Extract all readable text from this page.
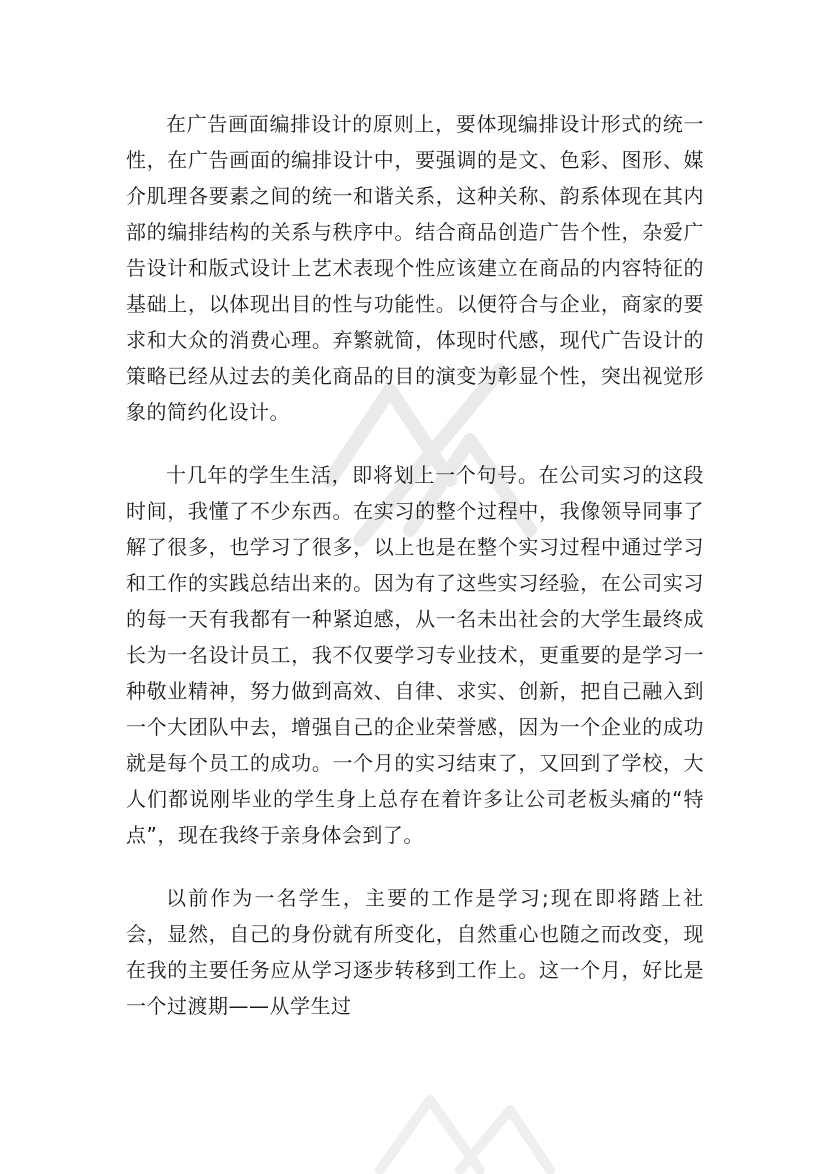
在广告画面编排设计的原则上，要体现编排设计形式的统一性，在广告画面的编排设计中，要强调的是文、色彩、图形、媒介肌理各要素之间的统一和谐关系，这种关称、韵系体现在其内部的编排结构的关系与秩序中。结合商品创造广告个性，杂爱广告设计和版式设计上艺术表现个性应该建立在商品的内容特征的基础上，以体现出目的性与功能性。以便符合与企业，商家的要求和大众的消费心理。弃繁就简，体现时代感，现代广告设计的策略已经从过去的美化商品的目的演变为彰显个性，突出视觉形象的简约化设计。

十几年的学生生活，即将划上一个句号。在公司实习的这段时间，我懂了不少东西。在实习的整个过程中，我像领导同事了解了很多，也学习了很多，以上也是在整个实习过程中通过学习和工作的实践总结出来的。因为有了这些实习经验，在公司实习的每一天有我都有一种紧迫感，从一名未出社会的大学生最终成长为一名设计员工，我不仅要学习专业技术，更重要的是学习一种敬业精神，努力做到高效、自律、求实、创新，把自己融入到一个大团队中去，增强自己的企业荣誉感，因为一个企业的成功就是每个员工的成功。一个月的实习结束了，又回到了学校，大人们都说刚毕业的学生身上总存在着许多让公司老板头痛的“特点”，现在我终于亲身体会到了。

以前作为一名学生，主要的工作是学习;现在即将踏上社会，显然，自己的身份就有所变化，自然重心也随之而改变，现在我的主要任务应从学习逐步转移到工作上。这一个月，好比是一个过渡期——从学生过
